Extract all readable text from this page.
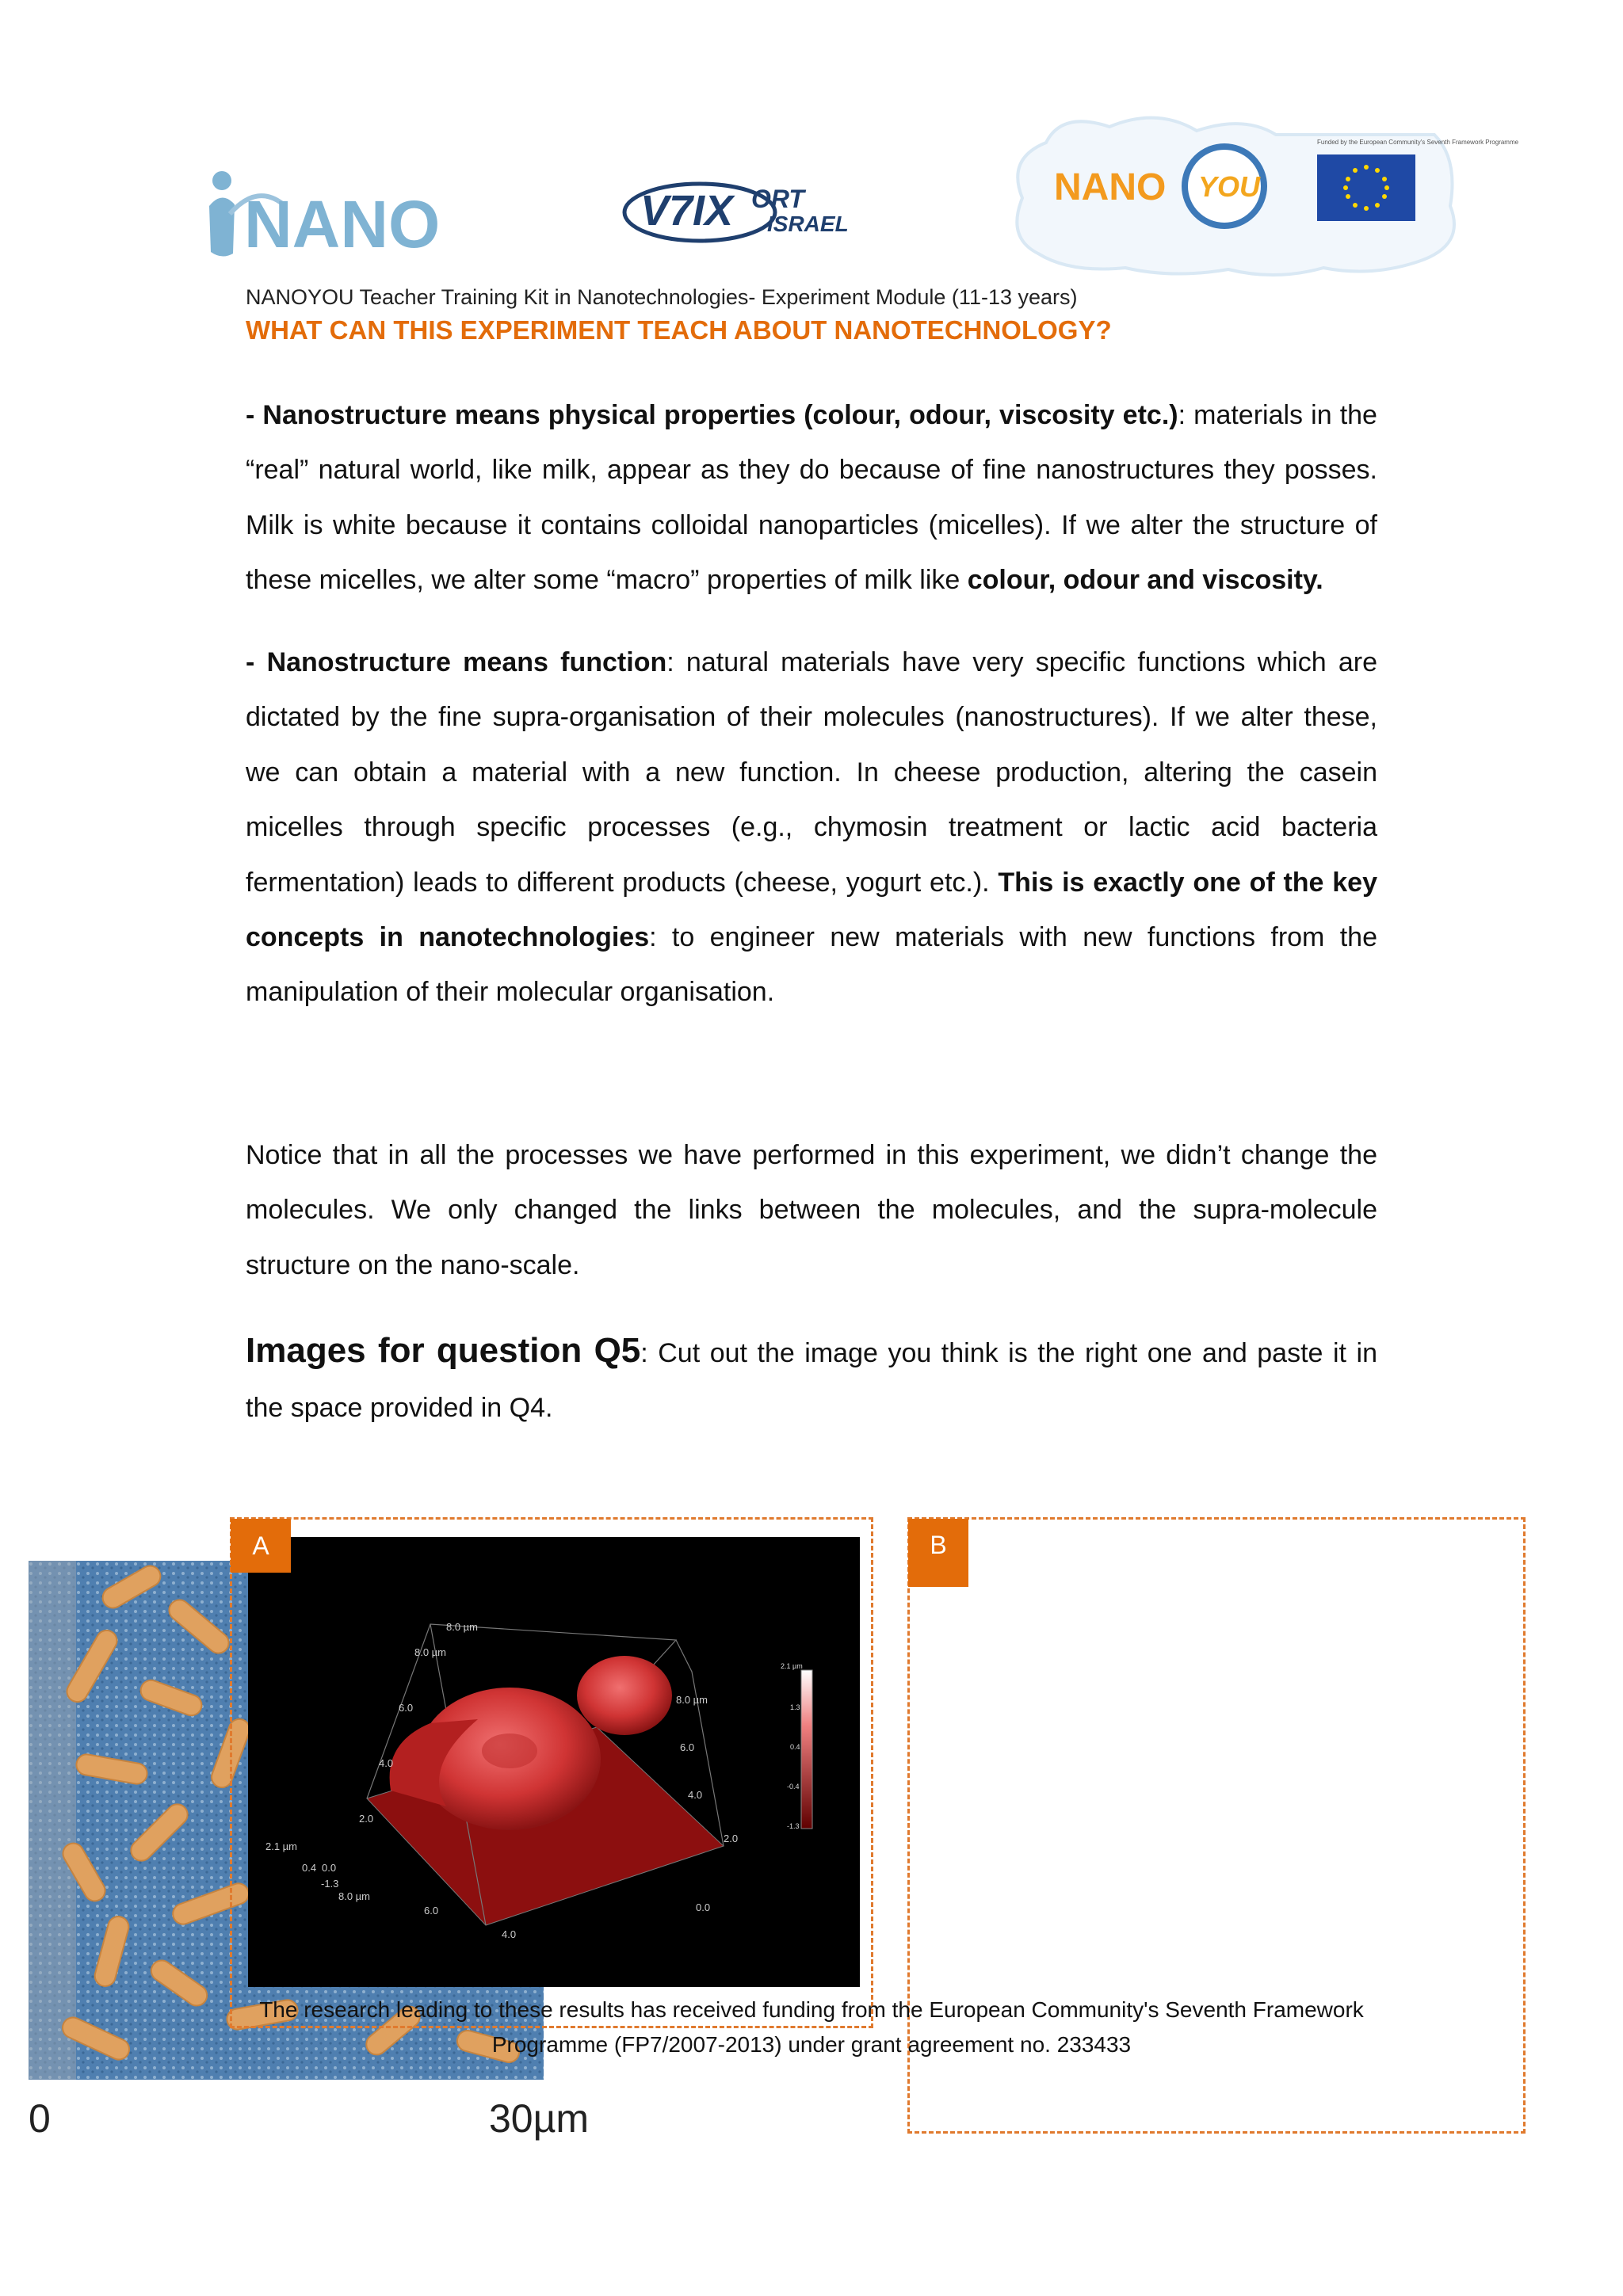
NANO	V7IX ORT
ISRAEL
NANO YOU
Funded by the European Community's Seventh Framework Programme
NANOYOU Teacher Training Kit in Nanotechnologies- Experiment Module (11-13 years)
WHAT CAN THIS EXPERIMENT TEACH ABOUT NANOTECHNOLOGY?
- Nanostructure means physical properties (colour, odour, viscosity etc.): materials in the “real” natural world, like milk, appear as they do because of fine nanostructures they posses. Milk is white because it contains colloidal nanoparticles (micelles). If we alter the structure of these micelles, we alter some “macro” properties of milk like colour, odour and viscosity.
- Nanostructure means function: natural materials have very specific functions which are dictated by the fine supra-organisation of their molecules (nanostructures). If we alter these, we can obtain a material with a new function. In cheese production, altering the casein micelles through specific processes (e.g., chymosin treatment or lactic acid bacteria fermentation) leads to different products (cheese, yogurt etc.). This is exactly one of the key concepts in nanotechnologies: to engineer new materials with new functions from the manipulation of their molecular organisation.
Notice that in all the processes we have performed in this experiment, we didn’t change the molecules. We only changed the links between the molecules, and the supra-molecule structure on the nano-scale.
Images for question Q5: Cut out the image you think is the right one and paste it in the space provided in Q4.
0	30µm
2.1 µm
1.3
0.4
-0.4
-1.3
2.1 µm
0.4 0.0
-1.3
8.0 µm
6.0
4.0
2.0
4.0
6.0
8.0 µm
0.0
2.0
4.0
6.0
8.0 µm
8.0 µm
A	B
The research leading to these results has received funding from the European Community's Seventh Framework
Programme (FP7/2007-2013) under grant agreement no. 233433
